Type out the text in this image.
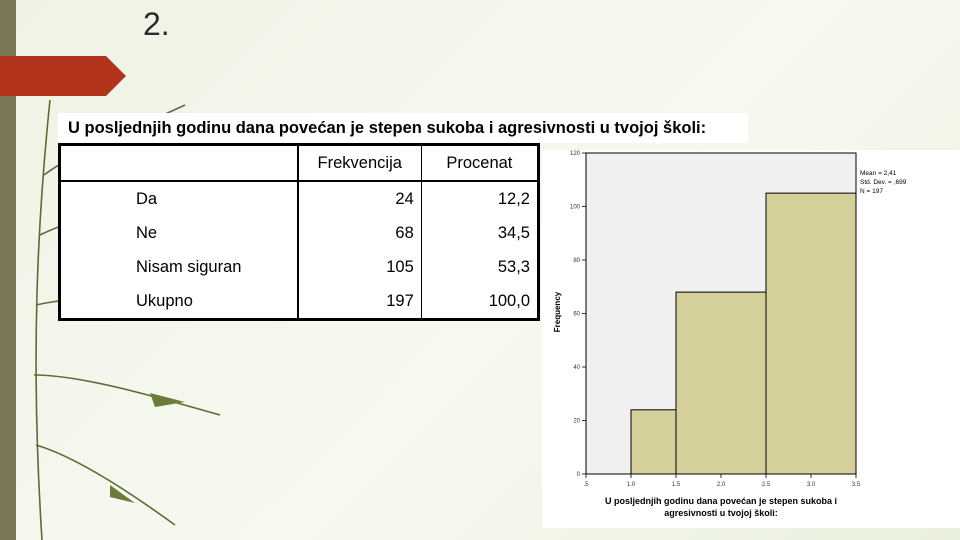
2.
U posljednjih godinu dana povećan je stepen sukoba i agresivnosti u tvojoj školi:
	Frekvencija	Procenat
Da	24	12,2
Ne	68	34,5
Nisam siguran	105	53,3
Ukupno	197	100,0
0
20
40
60
80
100
120
.5	1.0	1.5	2.0	2.5	3.0	3.5
Frequency
U posljednjih godinu dana povećan je stepen sukoba i
agresivnosti u tvojoj školi:
Mean = 2,41
Std. Dev. = ,699
N = 197
